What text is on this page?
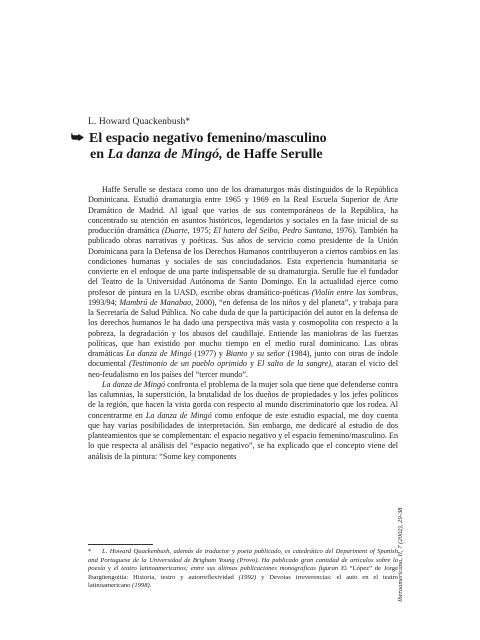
L. Howard Quackenbush*
⮩ El espacio negativo femenino/masculino
en La danza de Mingó, de Haffe Serulle

Haffe Serulle se destaca como uno de los dramaturgos más distinguidos de la República Dominicana. Estudió dramaturgia entre 1965 y 1969 en la Real Escuela Superior de Arte Dramático de Madrid. Al igual que varios de sus contemporáneos de la República, ha concentrado su atención en asuntos históricos, legendarios y sociales en la fase inicial de su producción dramática (Duarte, 1975; El hatero del Seibo, Pedro Santana, 1976). También ha publicado obras narrativas y poéticas. Sus años de servicio como presidente de la Unión Dominicana para la Defensa de los Derechos Humanos contribuyeron a ciertos cambios en las condiciones humanas y sociales de sus conciudadanos. Esta experiencia humanitaria se convierte en el enfoque de una parte indispensable de su dramaturgia. Serulle fue el fundador del Teatro de la Universidad Autónoma de Santo Domingo. En la actualidad ejerce como profesor de pintura en la UASD, escribe obras dramático-poéticas (Violín entre las sombras, 1993/94; Mambrú de Manabao, 2000), “en defensa de los niños y del planeta”, y trabaja para la Secretaría de Salud Pública. No cabe duda de que la participación del autor en la defensa de los derechos humanos le ha dado una perspectiva más vasta y cosmopolita con respecto a la pobreza, la degradación y los abusos del caudillaje. Entiende las maniobras de las fuerzas políticas, que han existido por mucho tiempo en el medio rural dominicano. Las obras dramáticas La danza de Mingó (1977) y Bianto y su señor (1984), junto con otras de índole documental (Testimonio de un pueblo oprimido y El salto de la sangre), atacan el vicio del neo-feudalismo en los países del “tercer mundo”.

La danza de Mingó confronta el problema de la mujer sola que tiene que defenderse contra las calumnias, la superstición, la brutalidad de los dueños de propiedades y los jefes políticos de la región, que hacen la vista gorda con respecto al mundo discriminatorio que los rodea. Al concentrarme en La danza de Mingó como enfoque de este estudio espacial, me doy cuenta que hay varias posibilidades de interpretación. Sin embargo, me dedicaré al estudio de dos planteamientos que se complementan: el espacio negativo y el espacio femenino/masculino. En lo que respecta al análisis del “espacio negativo”, se ha explicado que el concepto viene del análisis de la pintura: “Some key components

* L. Howard Quackenbush, además de traductor y poeta publicado, es catedrático del Department of Spanish and Portuguese de la Universidad de Brigham Young (Provo). Ha publicado gran cantidad de artículos sobre la poesía y el teatro latinoamericanos; entre sus últimas publicaciones monográficas figuran El “López” de Jorge Ibargüengoitia: Historia, testro y autorreflexividad (1992) y Devotas irreverencias: el auto en el teatro latinoamericano (1998).	Iberoamericana, II, 7 (2002), 29-38
